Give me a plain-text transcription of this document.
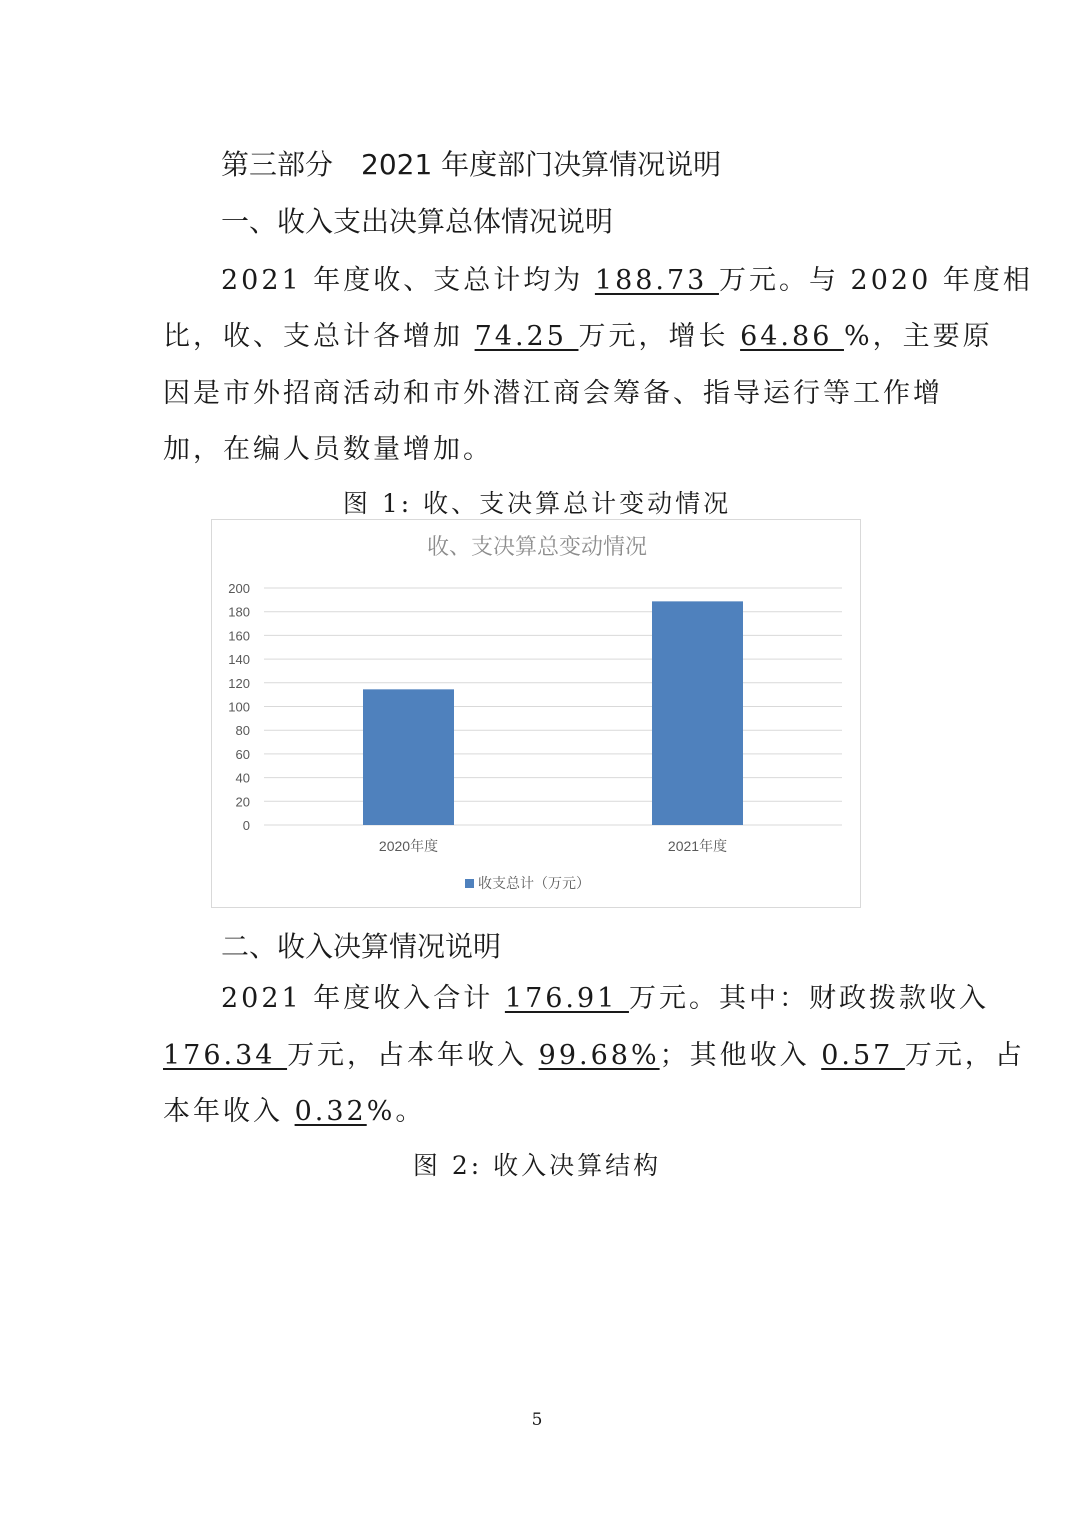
第三部分 2021 年度部门决算情况说明
一、收入支出决算总体情况说明
2021 年度收、支总计均为 188.73 万元。与 2020 年度相
比，收、支总计各增加 74.25 万元，增长 64.86 %，主要原
因是市外招商活动和市外潜江商会筹备、指导运行等工作增
加，在编人员数量增加。
图 1: 收、支决算总计变动情况
收、支决算总变动情况
0
20
40
60
80
100
120
140
160
180
200
2020年度	2021年度
收支总计（万元）
二、收入决算情况说明
2021 年度收入合计 176.91 万元。其中：财政拨款收入
176.34 万元，占本年收入 99.68%；其他收入 0.57 万元，占
本年收入 0.32%。
图 2: 收入决算结构
5
